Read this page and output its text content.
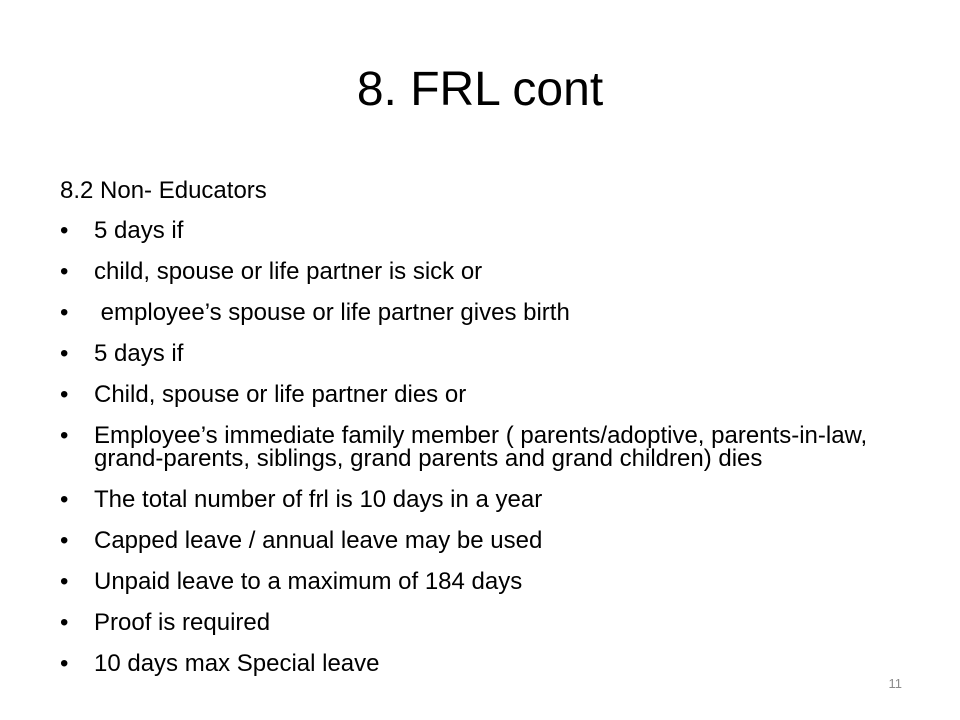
8. FRL cont
8.2 Non- Educators
•	5 days if
•	child, spouse or life partner is sick or
•	employee’s spouse or life partner gives birth
•	5 days if
•	Child, spouse or life partner dies or
•	Employee’s immediate family member ( parents/adoptive, parents-in-law, grand-parents, siblings, grand parents and grand children) dies
•	The total number of frl is 10 days in a year
•	Capped leave / annual leave may be used
•	Unpaid leave to a maximum of 184 days
•	Proof is required
•	10 days max Special leave
11
